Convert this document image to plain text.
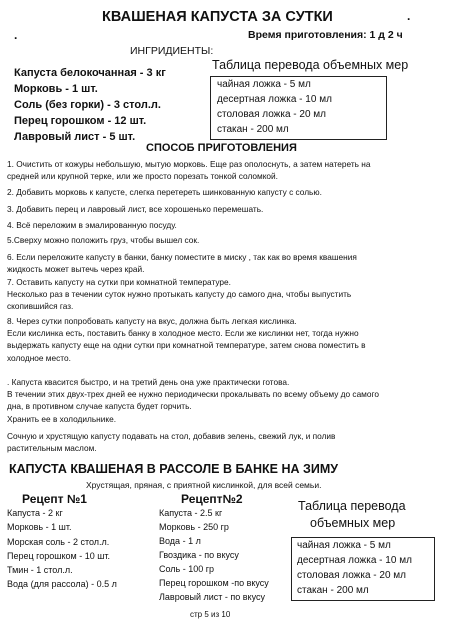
КВАШЕНАЯ КАПУСТА ЗА СУТКИ	.
.	Время приготовления: 1 д 2 ч
ИНГРИДИЕНТЫ:
Капуста белокочанная - 3 кг
Морковь - 1 шт.
Соль (без горки) - 3 стол.л.
Перец горошком - 12 шт.
Лавровый лист - 5 шт.
Таблица перевода объемных мер
чайная ложка - 5 мл
десертная ложка - 10 мл
столовая ложка - 20 мл
стакан - 200 мл
СПОСОБ ПРИГОТОВЛЕНИЯ
1. Очистить от кожуры небольшую, мытую морковь. Еще раз ополоснуть, а затем натереть на
средней или крупной терке, или же просто порезать тонкой соломкой.
2. Добавить морковь к капусте, слегка перетереть шинкованную капусту с солью.
3. Добавить перец и лавровый лист, все хорошенько перемешать.
4. Всё переложим в эмалированную посуду.
5.Сверху можно положить груз, чтобы вышел сок.
6. Если переложите капусту в банки, банку поместите в миску , так как во время квашения
жидкость может вытечь через край.
7. Оставить капусту на сутки при комнатной температуре.
Несколько раз в течении суток нужно протыкать капусту до самого дна, чтобы выпустить
скопившийся газ.
8. Через сутки попробовать капусту на вкус, должна быть легкая кислинка.
Если кислинка есть, поставить банку в холодное место. Если же кислинки нет, тогда нужно
выдержать капусту еще на одни сутки при комнатной температуре, затем снова поместить в
холодное место.
. Капуста квасится быстро, и на третий день она уже практически готова.
В течении этих двух-трех дней ее нужно периодически прокалывать по всему объему до самого
дна, в противном случае капуста будет горчить.
Хранить ее в холодильнике.
Сочную и хрустящую капусту подавать на стол, добавив зелень, свежий лук, и полив
растительным маслом.
КАПУСТА КВАШЕНАЯ В РАССОЛЕ В БАНКЕ НА ЗИМУ
Хрустящая, пряная, с приятной кислинкой, для всей семьи.
Рецепт №1
Капуста - 2 кг
Морковь - 1 шт.
Морская соль - 2 стол.л.
Перец горошком - 10 шт.
Тмин - 1 стол.л.
Вода (для рассола) - 0.5 л
Рецепт№2
Капуста - 2.5 кг
Морковь - 250 гр
Вода - 1 л
Гвоздика - по вкусу
Соль - 100 гр
Перец горошком -по вкусу
Лавровый лист - по вкусу
Таблица перевода
объемных мер
чайная ложка - 5 мл
десертная ложка - 10 мл
столовая ложка - 20 мл
стакан - 200 мл
стр 5 из 10
